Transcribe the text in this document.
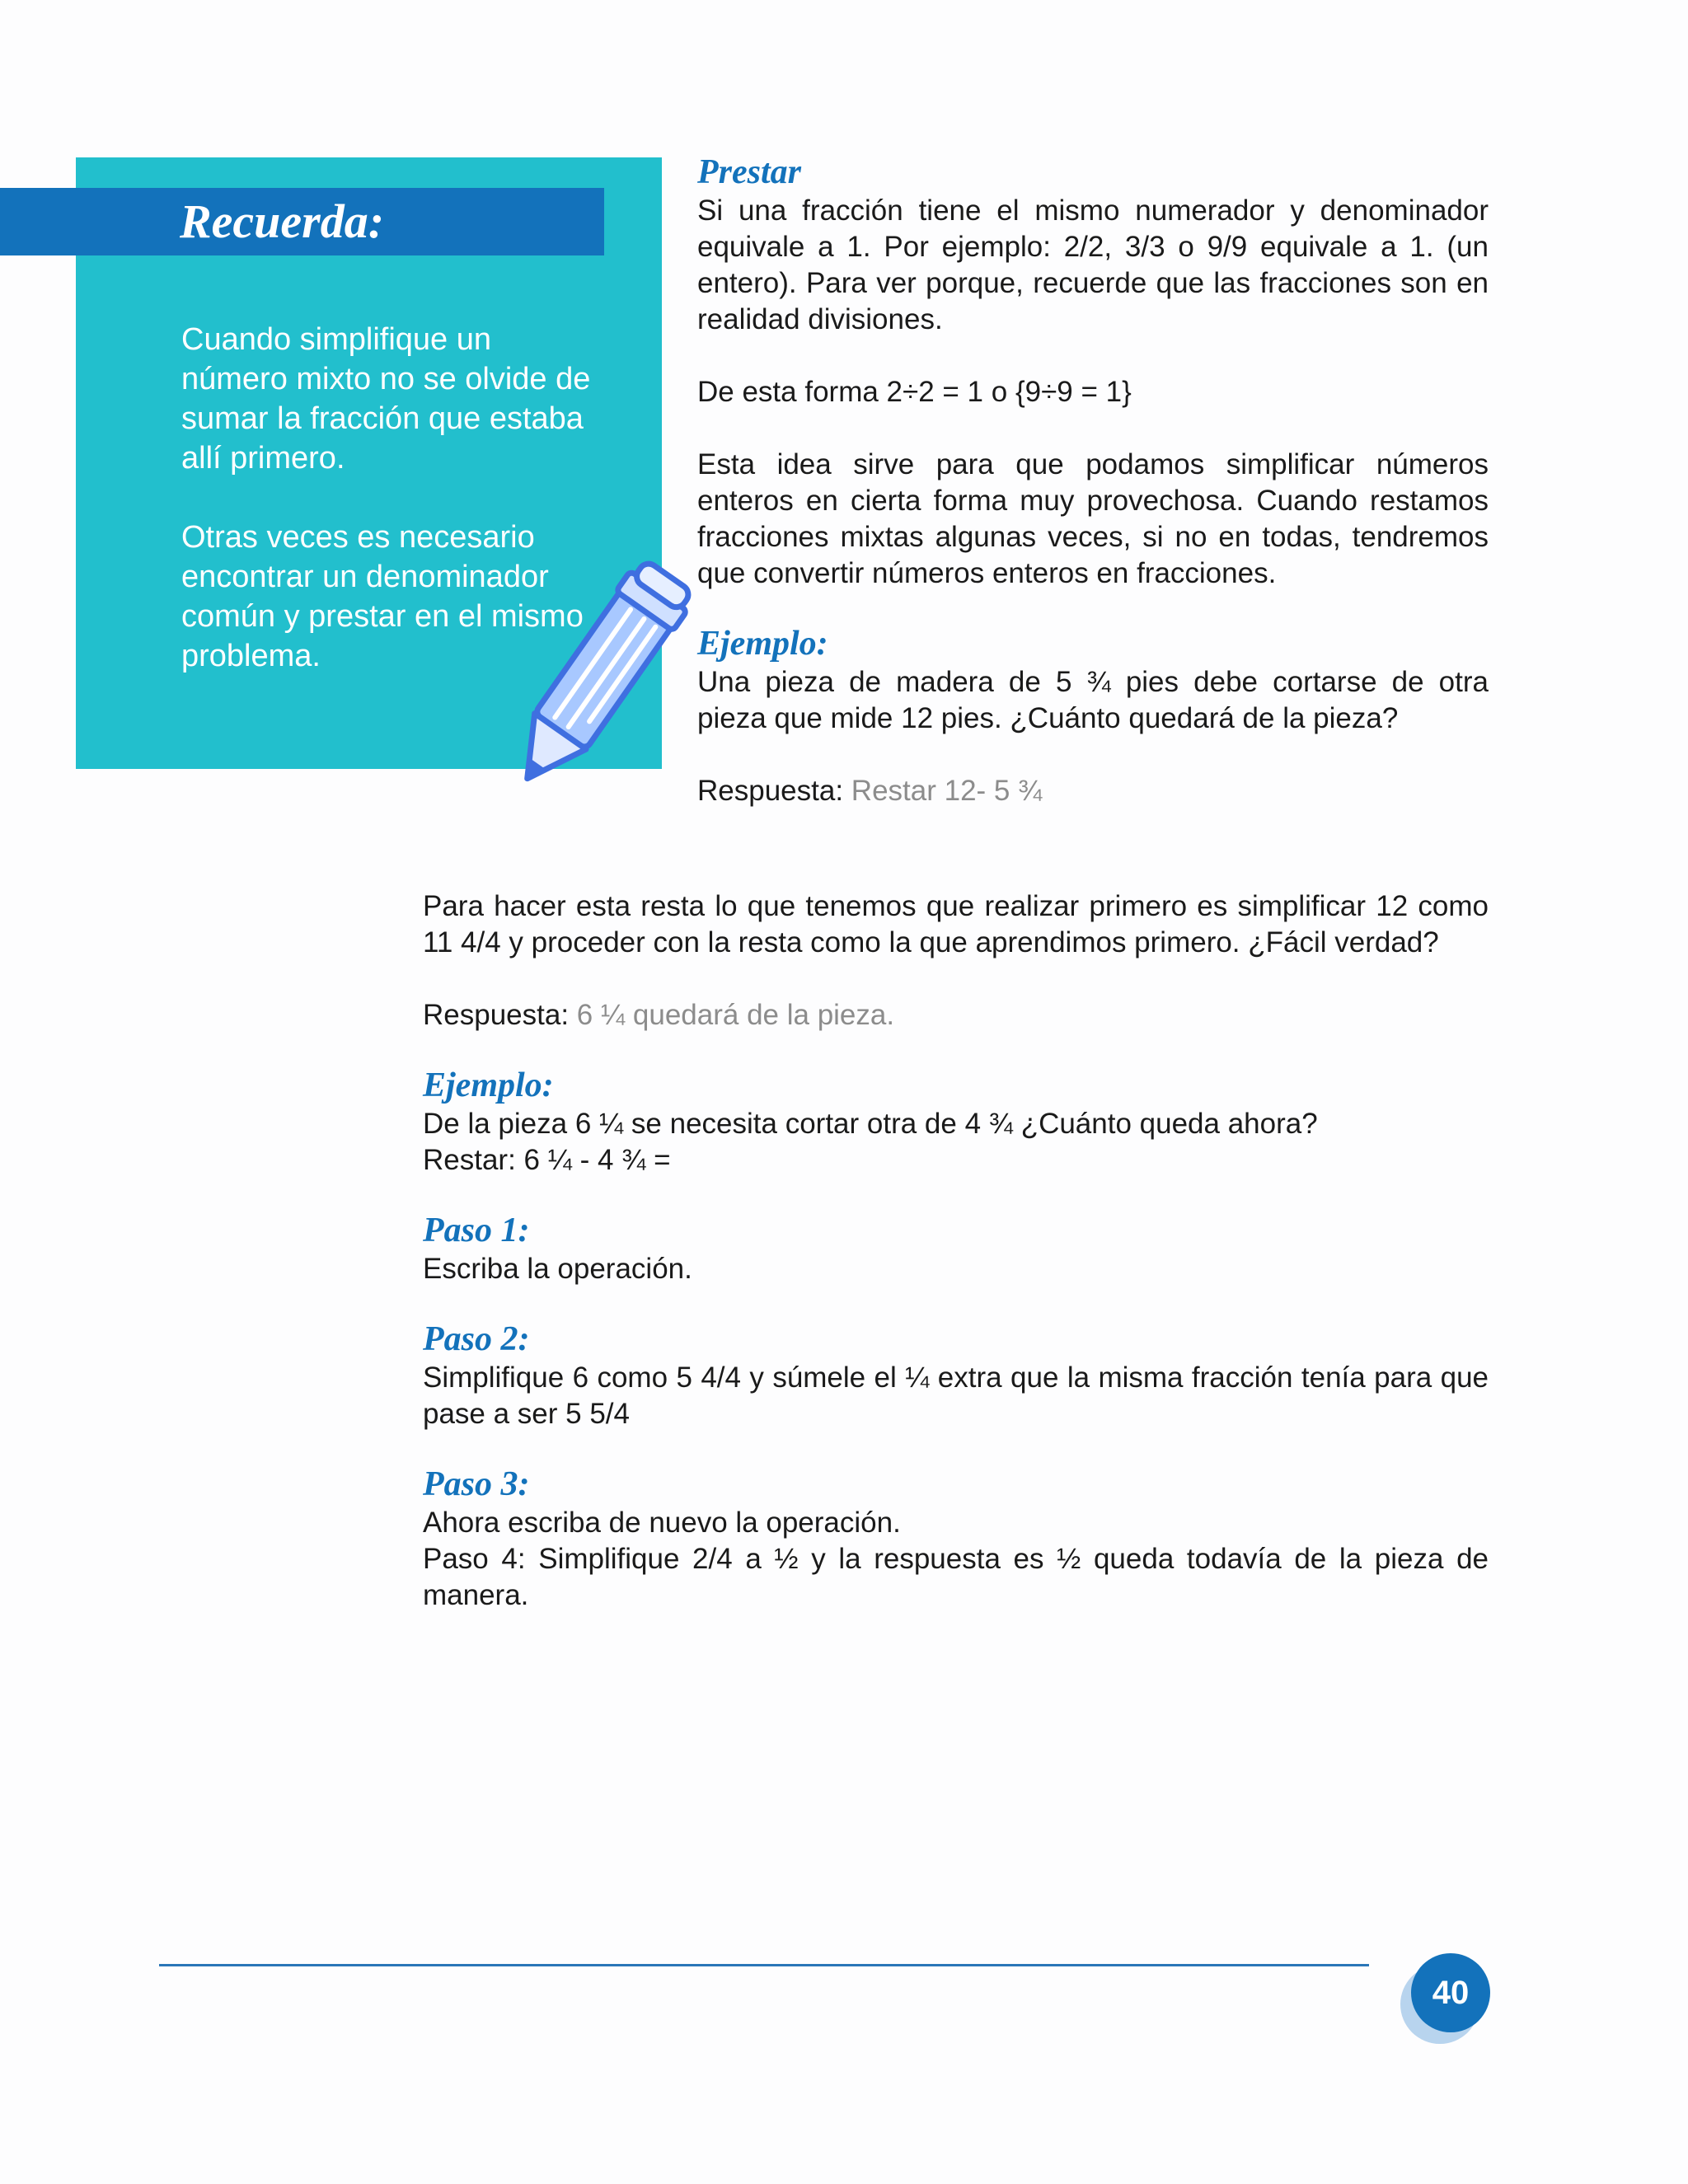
Recuerda:

Cuando simplifique un número mixto no se olvide de sumar la fracción que estaba allí primero.

Otras veces es necesario encontrar un denominador común y prestar en el mismo problema.

Prestar

Si una fracción tiene el mismo numerador y denominador equivale a 1. Por ejemplo: 2/2, 3/3 o 9/9 equivale a 1. (un entero). Para ver porque, recuerde que las fracciones son en realidad divisiones.

De esta forma 2÷2 = 1 o {9÷9 = 1}

Esta idea sirve para que podamos simplificar números enteros en cierta forma muy provechosa. Cuando restamos fracciones mixtas algunas veces, si no en todas, tendremos que convertir números enteros en fracciones.

Ejemplo:

Una pieza de madera de 5 ¾ pies debe cortarse de otra pieza que mide 12 pies. ¿Cuánto quedará de la pieza?

Respuesta: Restar 12- 5 ¾

Para hacer esta resta lo que tenemos que realizar primero es simplificar 12 como 11 4/4 y proceder con la resta como la que aprendimos primero. ¿Fácil verdad?

Respuesta: 6 ¼ quedará de la pieza.

Ejemplo:

De la pieza 6 ¼ se necesita cortar otra de 4 ¾ ¿Cuánto queda ahora?

Restar: 6 ¼ - 4 ¾ =

Paso 1:

Escriba la operación.

Paso 2:

Simplifique 6 como 5 4/4 y súmele el ¼ extra que la misma fracción tenía para que pase a ser 5 5/4

Paso 3:

Ahora escriba de nuevo la operación.

Paso 4: Simplifique 2/4 a ½ y la respuesta es ½ queda todavía de la pieza de manera.

40
